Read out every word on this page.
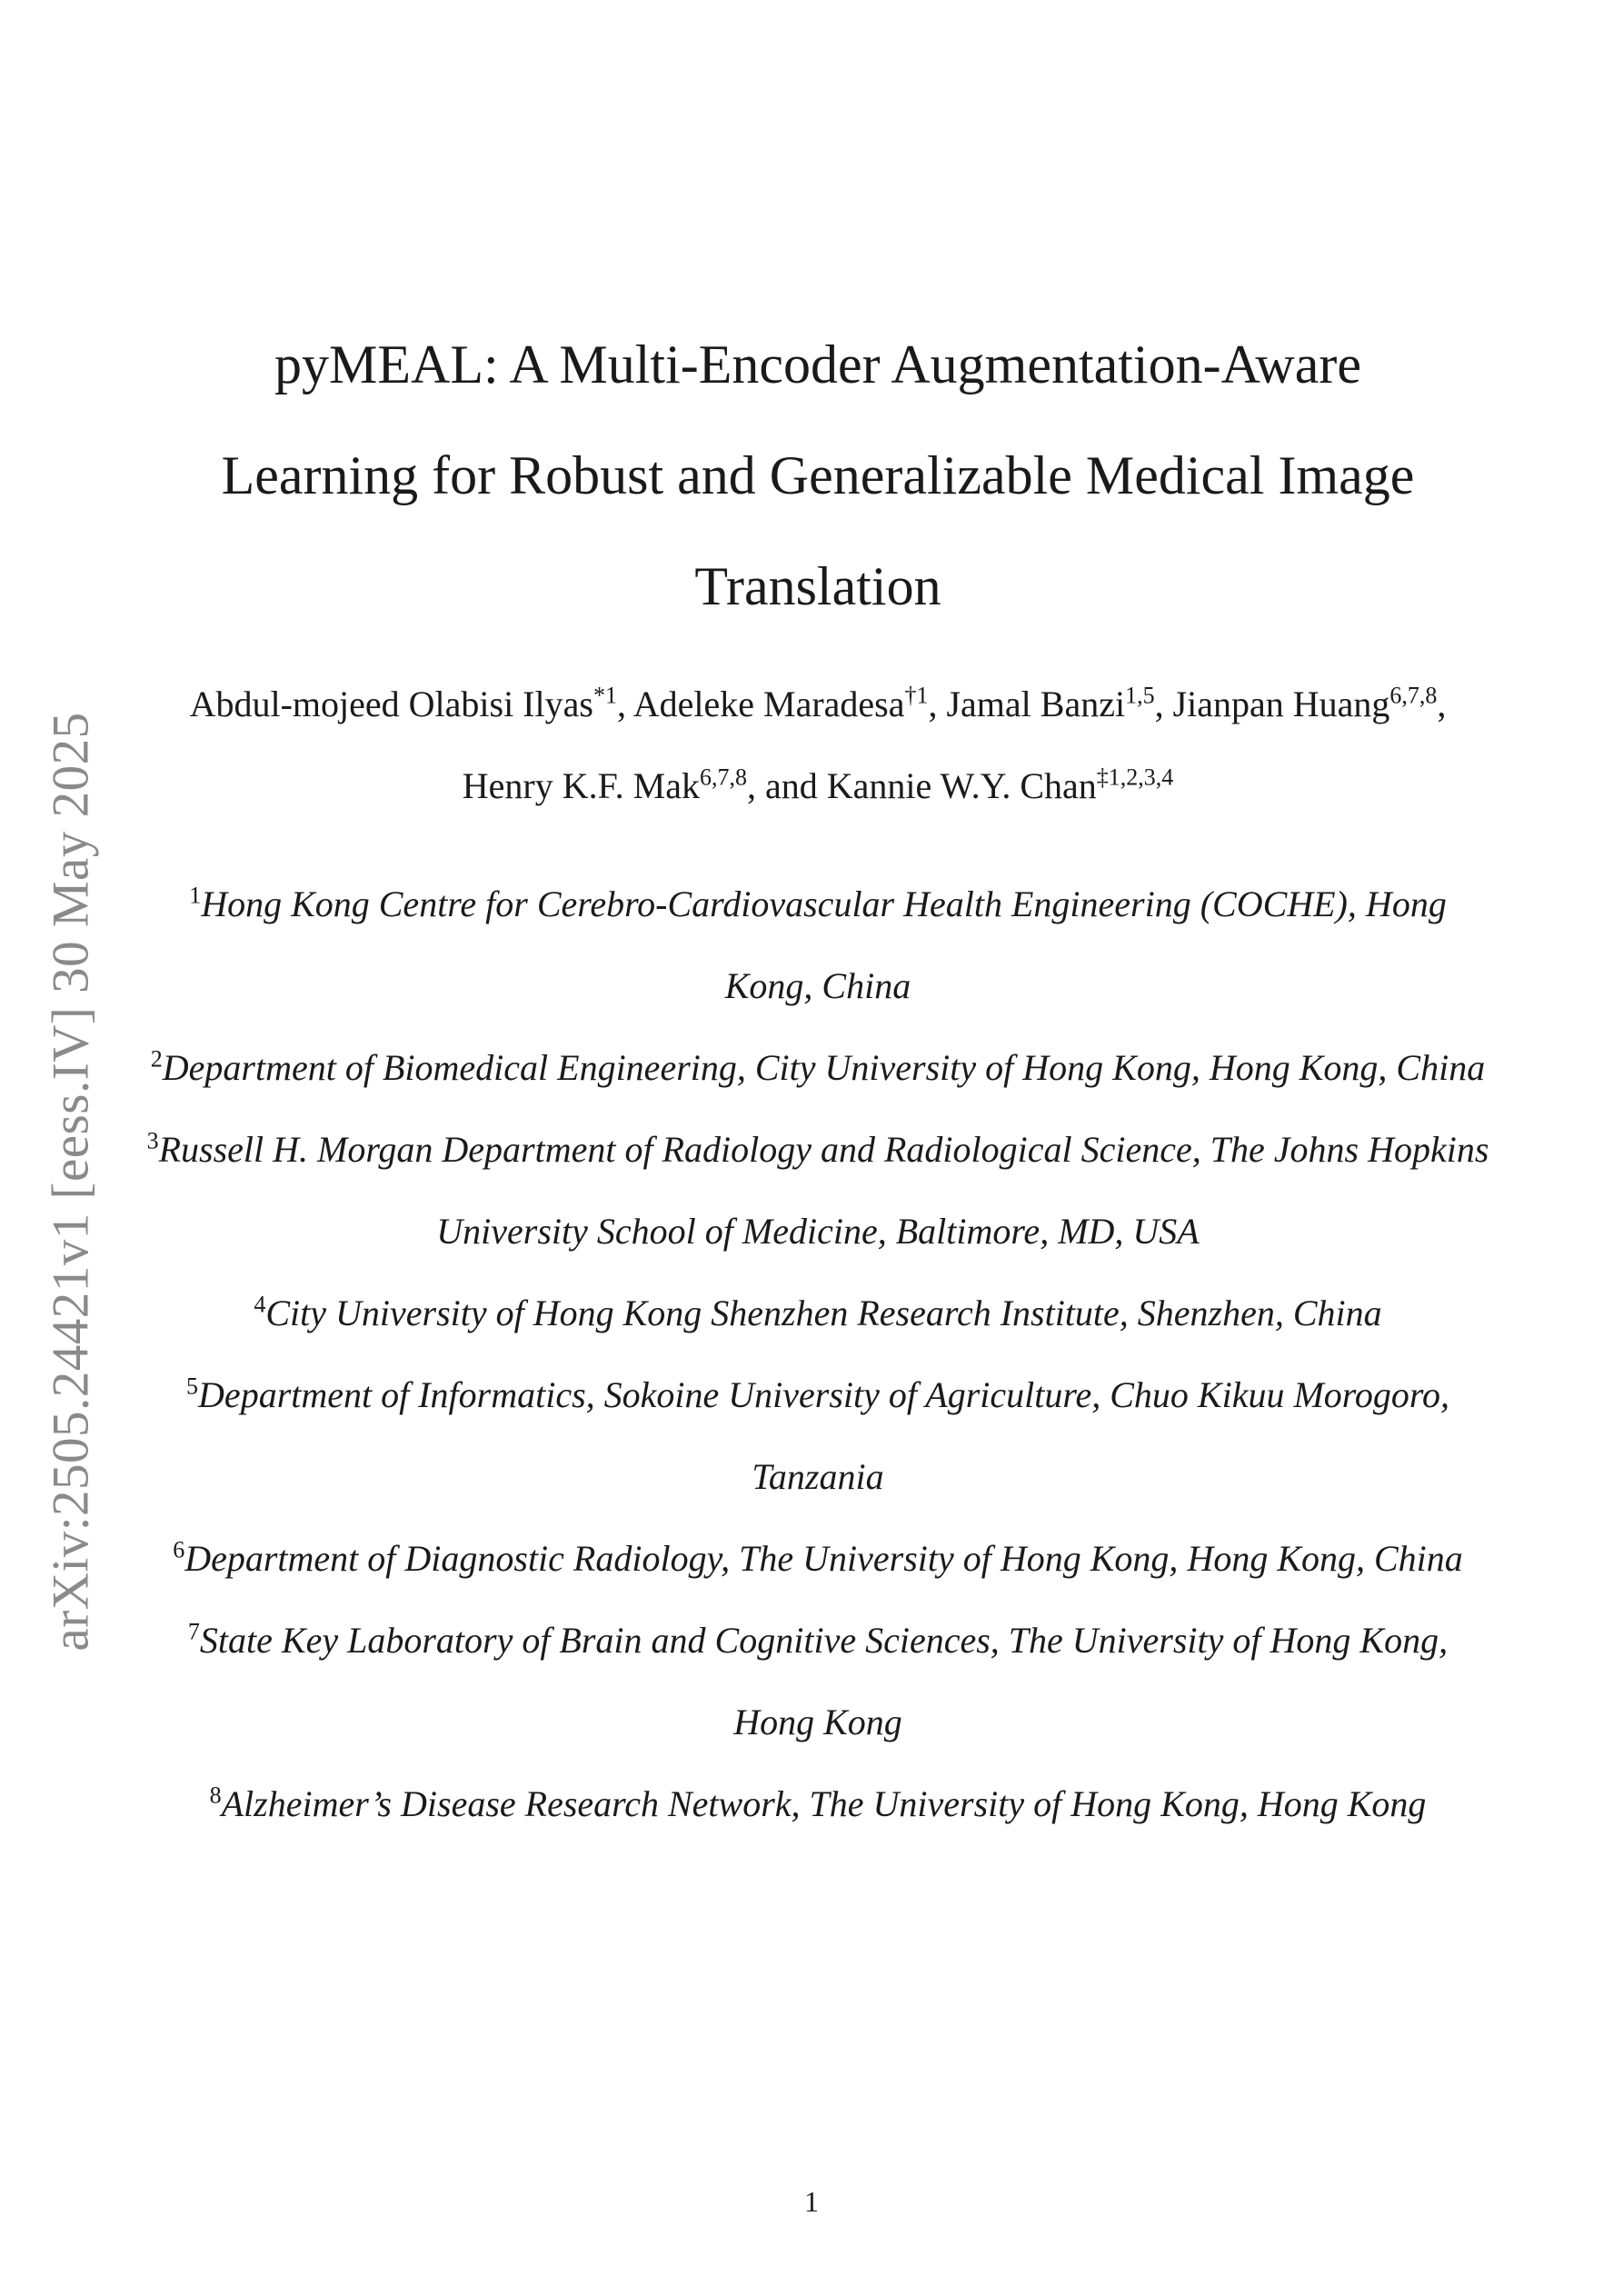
arXiv:2505.24421v1 [eess.IV] 30 May 2025
pyMEAL: A Multi-Encoder Augmentation-Aware Learning for Robust and Generalizable Medical Image Translation
Abdul-mojeed Olabisi Ilyas$^{*1}$, Adeleke Maradesa$^{\dagger 1}$, Jamal Banzi$^{1,5}$, Jianpan Huang$^{6,7,8}$, Henry K.F. Mak$^{6,7,8}$, and Kannie W.Y. Chan$^{\ddagger 1,2,3,4}$
$^1$Hong Kong Centre for Cerebro-Cardiovascular Health Engineering (COCHE), Hong Kong, China
$^2$Department of Biomedical Engineering, City University of Hong Kong, Hong Kong, China
$^3$Russell H. Morgan Department of Radiology and Radiological Science, The Johns Hopkins University School of Medicine, Baltimore, MD, USA
$^4$City University of Hong Kong Shenzhen Research Institute, Shenzhen, China
$^5$Department of Informatics, Sokoine University of Agriculture, Chuo Kikuu Morogoro, Tanzania
$^6$Department of Diagnostic Radiology, The University of Hong Kong, Hong Kong, China
$^7$State Key Laboratory of Brain and Cognitive Sciences, The University of Hong Kong, Hong Kong
$^8$Alzheimer’s Disease Research Network, The University of Hong Kong, Hong Kong
1
